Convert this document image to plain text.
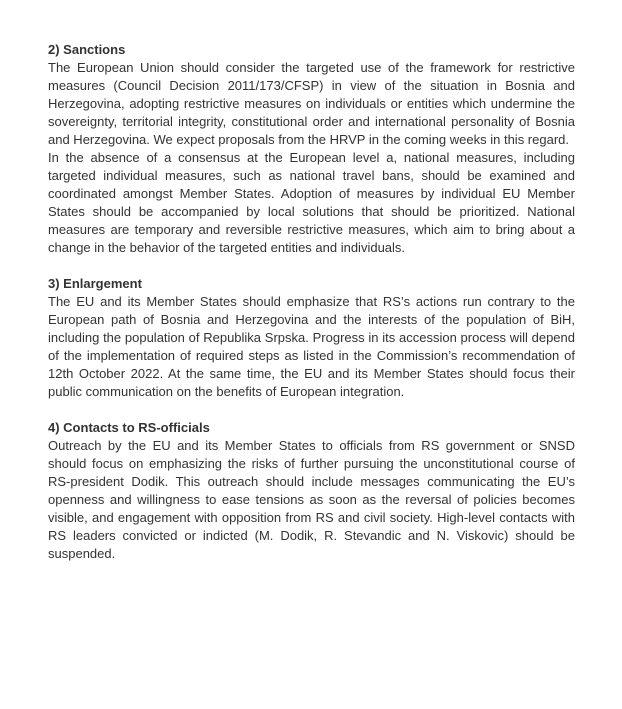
2) Sanctions

The European Union should consider the targeted use of the framework for restrictive measures (Council Decision 2011/173/CFSP) in view of the situation in Bosnia and Herzegovina, adopting restrictive measures on individuals or entities which undermine the sovereignty, territorial integrity, constitutional order and international personality of Bosnia and Herzegovina. We expect proposals from the HRVP in the coming weeks in this regard.

In the absence of a consensus at the European level a, national measures, including targeted individual measures, such as national travel bans, should be examined and coordinated amongst Member States. Adoption of measures by individual EU Member States should be accompanied by local solutions that should be prioritized. National measures are temporary and reversible restrictive measures, which aim to bring about a change in the behavior of the targeted entities and individuals.

3) Enlargement

The EU and its Member States should emphasize that RS’s actions run contrary to the European path of Bosnia and Herzegovina and the interests of the population of BiH, including the population of Republika Srpska. Progress in its accession process will depend of the implementation of required steps as listed in the Commission’s recommendation of 12th October 2022. At the same time, the EU and its Member States should focus their public communication on the benefits of European integration.

4) Contacts to RS-officials

Outreach by the EU and its Member States to officials from RS government or SNSD should focus on emphasizing the risks of further pursuing the unconstitutional course of RS-president Dodik. This outreach should include messages communicating the EU’s openness and willingness to ease tensions as soon as the reversal of policies becomes visible, and engagement with opposition from RS and civil society. High-level contacts with RS leaders convicted or indicted (M. Dodik, R. Stevandic and N. Viskovic) should be suspended.
